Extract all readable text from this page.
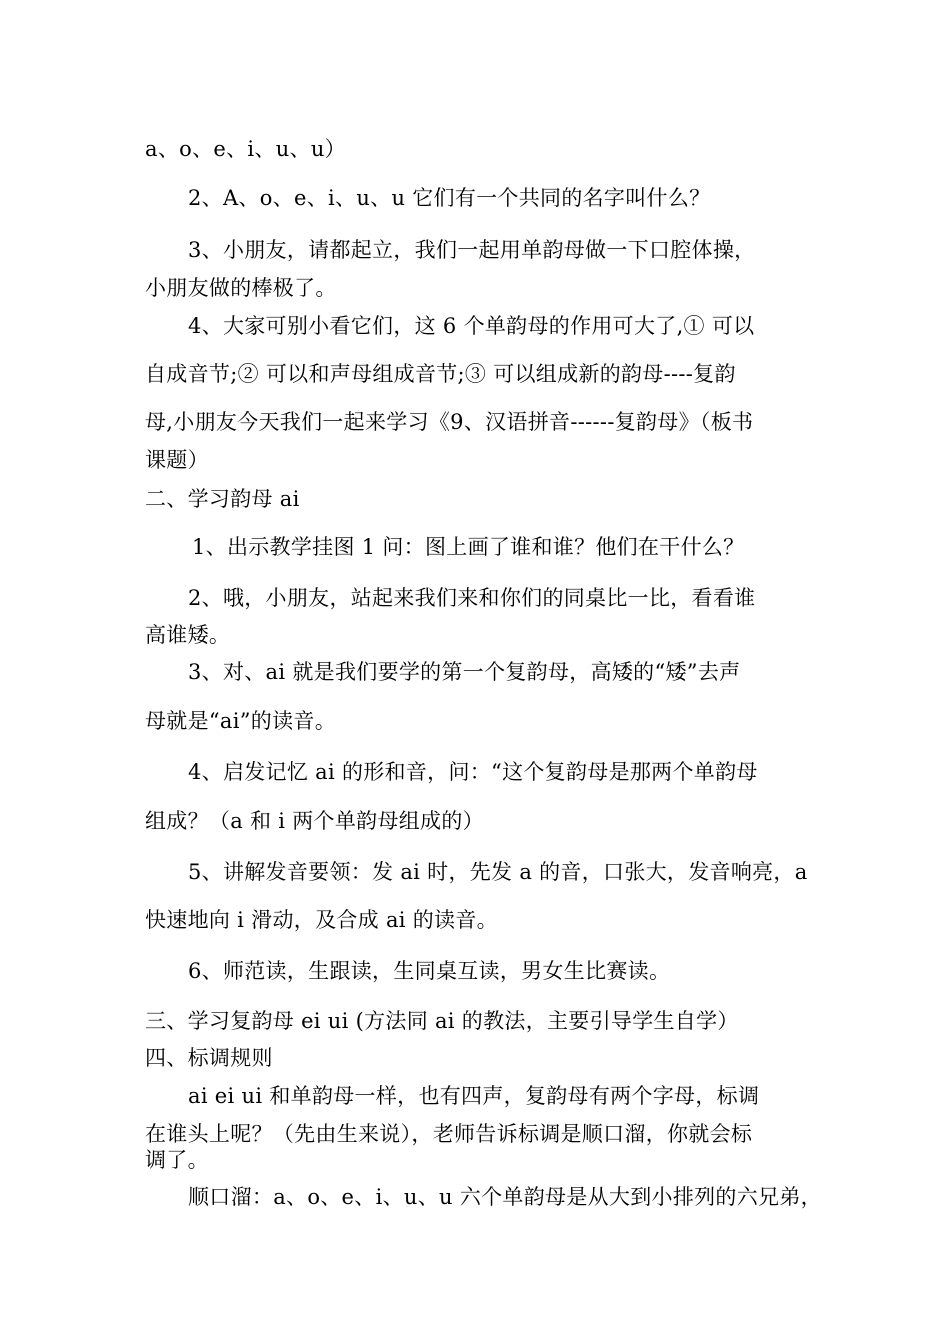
a、o、e、i、u、u）
2、A、o、e、i、u、u 它们有一个共同的名字叫什么？
3、小朋友，请都起立，我们一起用单韵母做一下口腔体操，
小朋友做的棒极了。
4、大家可别小看它们，这 6 个单韵母的作用可大了,① 可以
自成音节;② 可以和声母组成音节;③ 可以组成新的韵母----复韵
母,小朋友今天我们一起来学习《9、汉语拼音------复韵母》（板书
课题）
二、学习韵母 ai
1、出示教学挂图 1 问：图上画了谁和谁？他们在干什么？
2、哦，小朋友，站起来我们来和你们的同桌比一比，看看谁
高谁矮。
3、对、ai 就是我们要学的第一个复韵母，高矮的“矮”去声
母就是“ai”的读音。
4、启发记忆 ai 的形和音，问：“这个复韵母是那两个单韵母
组成？（a 和 i 两个单韵母组成的）
5、讲解发音要领：发 ai 时，先发 a 的音，口张大，发音响亮，a
快速地向 i 滑动，及合成 ai 的读音。
6、师范读，生跟读，生同桌互读，男女生比赛读。
三、学习复韵母 ei ui (方法同 ai 的教法，主要引导学生自学）
四、标调规则
ai ei ui 和单韵母一样，也有四声，复韵母有两个字母，标调
在谁头上呢？（先由生来说），老师告诉标调是顺口溜，你就会标
调了。
顺口溜：a、o、e、i、u、u 六个单韵母是从大到小排列的六兄弟，
